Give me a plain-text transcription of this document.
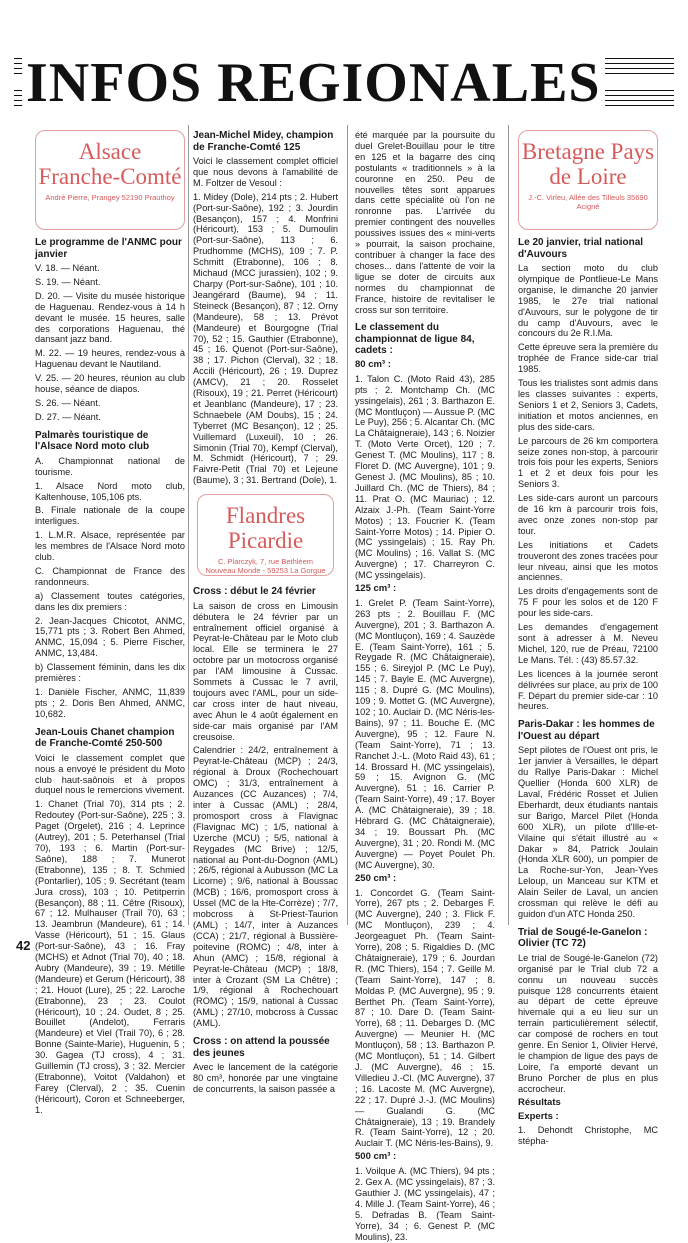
INFOS REGIONALES
Alsace Franche-Comté
André Pierre, Prangey 52190 Prauthoy
Le programme de l'ANMC pour janvier

V. 18. — Néant.

S. 19. — Néant.

D. 20. — Visite du musée historique de Haguenau. Rendez-vous à 14 h devant le musée. 15 heures, salle des corporations Haguenau, thé dansant jazz band.

M. 22. — 19 heures, rendez-vous à Haguenau devant le Nautiland.

V. 25. — 20 heures, réunion au club house, séance de diapos.

S. 26. — Néant.

D. 27. — Néant.

Palmarès touristique de l'Alsace Nord moto club

A. Championnat national de tourisme.

1. Alsace Nord moto club, Kaltenhouse, 105,106 pts.

B. Finale nationale de la coupe interligues.

1. L.M.R. Alsace, représentée par les membres de l'Alsace Nord moto club.

C. Championnat de France des randonneurs.

a) Classement toutes catégories, dans les dix premiers :

2. Jean-Jacques Chicotot, ANMC, 15,771 pts ; 3. Robert Ben Ahmed, ANMC, 15,094 ; 5. Pierre Fischer, ANMC, 13,484.

b) Classement féminin, dans les dix premières :

1. Danièle Fischer, ANMC, 11,839 pts ; 2. Doris Ben Ahmed, ANMC, 10,682.

Jean-Louis Chanet champion de Franche-Comté 250-500

Voici le classement complet que nous a envoyé le président du Moto club haut-saônois et à propos duquel nous le remercions vivement.

1. Chanet (Trial 70), 314 pts ; 2. Redoutey (Port-sur-Saône), 225 ; 3. Paget (Orgelet), 216 ; 4. Leprince (Autrey), 201 ; 5. Peterhansel (Trial 70), 193 ; 6. Martin (Port-sur-Saône), 188 ; 7. Munerot (Etrabonne), 135 ; 8. T. Schmied (Pontarlier), 105 ; 9. Secrétant (team Jura cross), 103 ; 10. Petitperrin (Besançon), 88 ; 11. Cêtre (Risoux), 67 ; 12. Mulhauser (Trail 70), 63 ; 13. Jeambrun (Mandeure), 61 ; 14. Vasse (Héricourt), 51 ; 15. Glaus (Port-sur-Saône), 43 ; 16. Fray (MCHS) et Adnot (Trial 70), 40 ; 18. Aubry (Mandeure), 39 ; 19. Métille (Mandeure) et Gerum (Héricourt), 38 ; 21. Houot (Lure), 25 ; 22. Laroche (Etrabonne), 23 ; 23. Coulot (Héricourt), 10 ; 24. Oudet, 8 ; 25. Bouillet (Andelot), Ferraris (Mandeure) et Viel (Trail 70), 6 ; 28. Bonne (Sainte-Marie), Huguenin, 5 ; 30. Gagea (TJ cross), 4 ; 31. Guillemin (TJ cross), 3 ; 32. Mercier (Etrabonne), Voitot (Valdahon) et Farey (Clerval), 2 ; 35. Cuenin (Héricourt), Coron et Schneeberger, 1.

Jean-Michel Midey, champion de Franche-Comté 125

Voici le classement complet officiel que nous devons à l'amabilité de M. Foltzer de Vesoul :

1. Midey (Dole), 214 pts ; 2. Hubert (Port-sur-Saône), 192 ; 3. Jourdin (Besançon), 157 ; 4. Monfrini (Héricourt), 153 ; 5. Dumoulin (Port-sur-Saône), 113 ; 6. Prudhomme (MCHS), 109 ; 7. P. Schmitt (Etrabonne), 106 ; 8. Michaud (MCC jurassien), 102 ; 9. Charpy (Port-sur-Saône), 101 ; 10. Jeangérard (Baume), 94 ; 11. Steineck (Besançon), 87 ; 12. Orny (Mandeure), 58 ; 13. Prévot (Mandeure) et Bourgogne (Trial 70), 52 ; 15. Gauthier (Etrabonne), 45 ; 16. Quenot (Port-sur-Saône), 38 ; 17. Pichon (Clerval), 32 ; 18. Accili (Héricourt), 26 ; 19. Duprez (AMCV), 21 ; 20. Rosselet (Risoux), 19 ; 21. Perret (Héricourt) et Jeanblanc (Mandeure), 17 ; 23. Schnaebele (AM Doubs), 15 ; 24. Tyberret (MC Besançon), 12 ; 25. Vuillemard (Luxeuil), 10 ; 26. Simonin (Trial 70), Kempf (Clerval), M. Schmidt (Héricourt), 7 ; 29. Faivre-Petit (Trial 70) et Lejeune (Baume), 3 ; 31. Bertrand (Dole), 1.

Flandres Picardie
C. Plarczyk, 7, rue Bethléem Nouveau Monde - 59253 La Gorgue
Cross : début le 24 février

La saison de cross en Limousin débutera le 24 février par un entraînement officiel organisé à Peyrat-le-Château par le Moto club local. Elle se terminera le 27 octobre par un motocross organisé par l'AM limousine à Cussac. Sommets à Cussac le 7 avril, toujours avec l'AML, pour un side-car cross inter de haut niveau, avec Ahun le 4 août également en side-car mais organisé par l'AM creusoise.

Calendrier : 24/2, entraînement à Peyrat-le-Château (MCP) ; 24/3, régional à Droux (Rochechouart OMC) ; 31/3, entraînement à Auzances (CC Auzances) ; 7/4, inter à Cussac (AML) ; 28/4, promosport cross à Flavignac (Flavignac MC) ; 1/5, national à Uzerche (MCU) ; 5/5, national à Reygades (MC Brive) ; 12/5, national au Pont-du-Dognon (AML) ; 26/5, régional à Aubusson (MC La Licorne) ; 9/6, national à Boussac (MCB) ; 16/6, promosport cross à Ussel (MC de la Hte-Corrèze) ; 7/7, mobcross à St-Priest-Taurion (AML) ; 14/7, inter à Auzances (CCA) ; 21/7, régional à Bussière-poitevine (ROMC) ; 4/8, inter à Ahun (AMC) ; 15/8, régional à Peyrat-le-Château (MCP) ; 18/8, inter à Crozant (SM La Chêtre) ; 1/9, régional à Rochechouart (ROMC) ; 15/9, national à Cussac (AML) ; 27/10, mobcross à Cussac (AML).

Cross : on attend la poussée des jeunes

Avec le lancement de la catégorie 80 cm³, honorée par une vingtaine de concurrents, la saison passée a

été marquée par la poursuite du duel Grelet-Bouillau pour le titre en 125 et la bagarre des cinq postulants « traditionnels » à la couronne en 250. Peu de nouvelles têtes sont apparues dans cette spécialité où l'on ne ronronne pas. L'arrivée du premier contingent des nouvelles poussives issues des « mini-verts » pourrait, la saison prochaine, contribuer à changer la face des choses... dans l'attente de voir la ligue se doter de circuits aux normes du championnat de France, histoire de revitaliser le cross sur son territoire.

Le classement du championnat de ligue 84, cadets :

80 cm³ :

1. Talon C. (Moto Raid 43), 285 pts ; 2. Montchamp Ch. (MC yssingelais), 261 ; 3. Barthazon E. (MC Montluçon) — Aussue P. (MC Le Puy), 256 ; 5. Alcantar Ch. (MC La Châtaigneraie), 143 ; 6. Noizier T. (Moto Verte Orcet), 120 ; 7. Genest T. (MC Moulins), 117 ; 8. Floret D. (MC Auvergne), 101 ; 9. Genest J. (MC Moulins), 85 ; 10. Juillard Ch. (MC de Thiers), 84 ; 11. Prat O. (MC Mauriac) ; 12. Alzaix J.-Ph. (Team Saint-Yorre Motos) ; 13. Foucrier K. (Team Saint-Yorre Motos) ; 14. Pipier O. (MC yssingelais) ; 15. Ray Ph. (MC Moulins) ; 16. Vallat S. (MC Auvergne) ; 17. Charreyron C. (MC yssingelais).

125 cm³ :

1. Grelet P. (Team Saint-Yorre), 263 pts ; 2. Bouillau F. (MC Auvergne), 201 ; 3. Barthazon A. (MC Montluçon), 169 ; 4. Sauzède E. (Team Saint-Yorre), 161 ; 5. Reygade R. (MC Châtaigneraie), 155 ; 6. Sireyjol P. (MC Le Puy), 145 ; 7. Bayle E. (MC Auvergne), 115 ; 8. Dupré G. (MC Moulins), 109 ; 9. Mottet G. (MC Auvergne), 102 ; 10. Auclair D. (MC Néris-les-Bains), 97 ; 11. Bouche E. (MC Auvergne), 95 ; 12. Faure N. (Team Saint-Yorre), 71 ; 13. Ranchet J.-L. (Moto Raid 43), 61 ; 14. Brossard H. (MC yssingelais), 59 ; 15. Avignon G. (MC Auvergne), 51 ; 16. Carrier P. (Team Saint-Yorre), 49 ; 17. Boyer A. (MC Châtaigneraie), 39 ; 18. Hébrard G. (MC Châtaigneraie), 34 ; 19. Boussart Ph. (MC Auvergne), 31 ; 20. Rondi M. (MC Auvergne) — Poyet Poulet Ph. (MC Auvergne), 30.

250 cm³ :

1. Concordet G. (Team Saint-Yorre), 267 pts ; 2. Debarges F. (MC Auvergne), 240 ; 3. Flick F. (MC Montluçon), 239 ; 4. Jeorgeaguet Ph. (Team Saint-Yorre), 208 ; 5. Rigaldies D. (MC Châtaigneraie), 179 ; 6. Jourdan R. (MC Thiers), 154 ; 7. Geille M. (Team Saint-Yorre), 147 ; 8. Moldas P. (MC Auvergne), 95 ; 9. Berthet Ph. (Team Saint-Yorre), 87 ; 10. Dare D. (Team Saint-Yorre), 68 ; 11. Debarges D. (MC Auvergne) — Meunier H. (MC Montluçon), 58 ; 13. Barthazon P. (MC Montluçon), 51 ; 14. Gilbert J. (MC Auvergne), 46 ; 15. Villedieu J.-Cl. (MC Auvergne), 37 ; 16. Lacoste M. (MC Auvergne), 22 ; 17. Dupré J.-J. (MC Moulins) — Gualandi G. (MC Châtaigneraie), 13 ; 19. Brandely R. (Team Saint-Yorre), 12 ; 20. Auclair T. (MC Néris-les-Bains), 9.

500 cm³ :

1. Voilque A. (MC Thiers), 94 pts ; 2. Gex A. (MC yssingelais), 87 ; 3. Gauthier J. (MC yssingelais), 47 ; 4. Mille J. (Team Saint-Yorre), 46 ; 5. Defradas B. (Team Saint-Yorre), 34 ; 6. Genest P. (MC Moulins), 23.

Bretagne Pays de Loire
J.-C. Virleu, Allée des Tilleuls 35690 Acigné
Le 20 janvier, trial national d'Auvours

La section moto du club olympique de Pontlieue-Le Mans organise, le dimanche 20 janvier 1985, le 27e trial national d'Auvours, sur le polygone de tir du camp d'Auvours, avec le concours du 2e R.I.Ma.

Cette épreuve sera la première du trophée de France side-car trial 1985.

Tous les trialistes sont admis dans les classes suivantes : experts, Seniors 1 et 2, Seniors 3, Cadets, initiation et motos anciennes, en plus des side-cars.

Le parcours de 26 km comportera seize zones non-stop, à parcourir trois fois pour les experts, Seniors 1 et 2 et deux fois pour les Seniors 3.

Les side-cars auront un parcours de 16 km à parcourir trois fois, avec onze zones non-stop par tour.

Les initiations et Cadets trouveront des zones tracées pour leur niveau, ainsi que les motos anciennes.

Les droits d'engagements sont de 75 F pour les solos et de 120 F pour les side-cars.

Les demandes d'engagement sont à adresser à M. Neveu Michel, 120, rue de Préau, 72100 Le Mans. Tél. : (43) 85.57.32.

Les licences à la journée seront délivrées sur place, au prix de 100 F. Départ du premier side-car : 10 heures.

Paris-Dakar : les hommes de l'Ouest au départ

Sept pilotes de l'Ouest ont pris, le 1er janvier à Versailles, le départ du Rallye Paris-Dakar : Michel Quellier (Honda 600 XLR) de Laval, Frédéric Rosset et Julien Eberhardt, deux étudiants nantais sur Barigo, Marcel Pilet (Honda 600 XLR), un pilote d'Ille-et-Vilaine qui s'était illustré au « Dakar » 84, Patrick Joulain (Honda XLR 600), un pompier de La Roche-sur-Yon, Jean-Yves Leloup, un Manceau sur KTM et Alain Seiler de Laval, un ancien crossman qui relève le défi au guidon d'un ATC Honda 250.

Trial de Sougé-le-Ganelon : Olivier (TC 72)

Le trial de Sougé-le-Ganelon (72) organisé par le Trial club 72 a connu un nouveau succès puisque 128 concurrents étaient au départ de cette épreuve hivernale qui a eu lieu sur un terrain particulièrement sélectif, car composé de rochers en tout genre. En Senior 1, Olivier Hervé, le champion de ligue des pays de Loire, l'a emporté devant un Bruno Porcher de plus en plus accrocheur.

Résultats

Experts :

1. Dehondt Christophe, MC stépha-

42
